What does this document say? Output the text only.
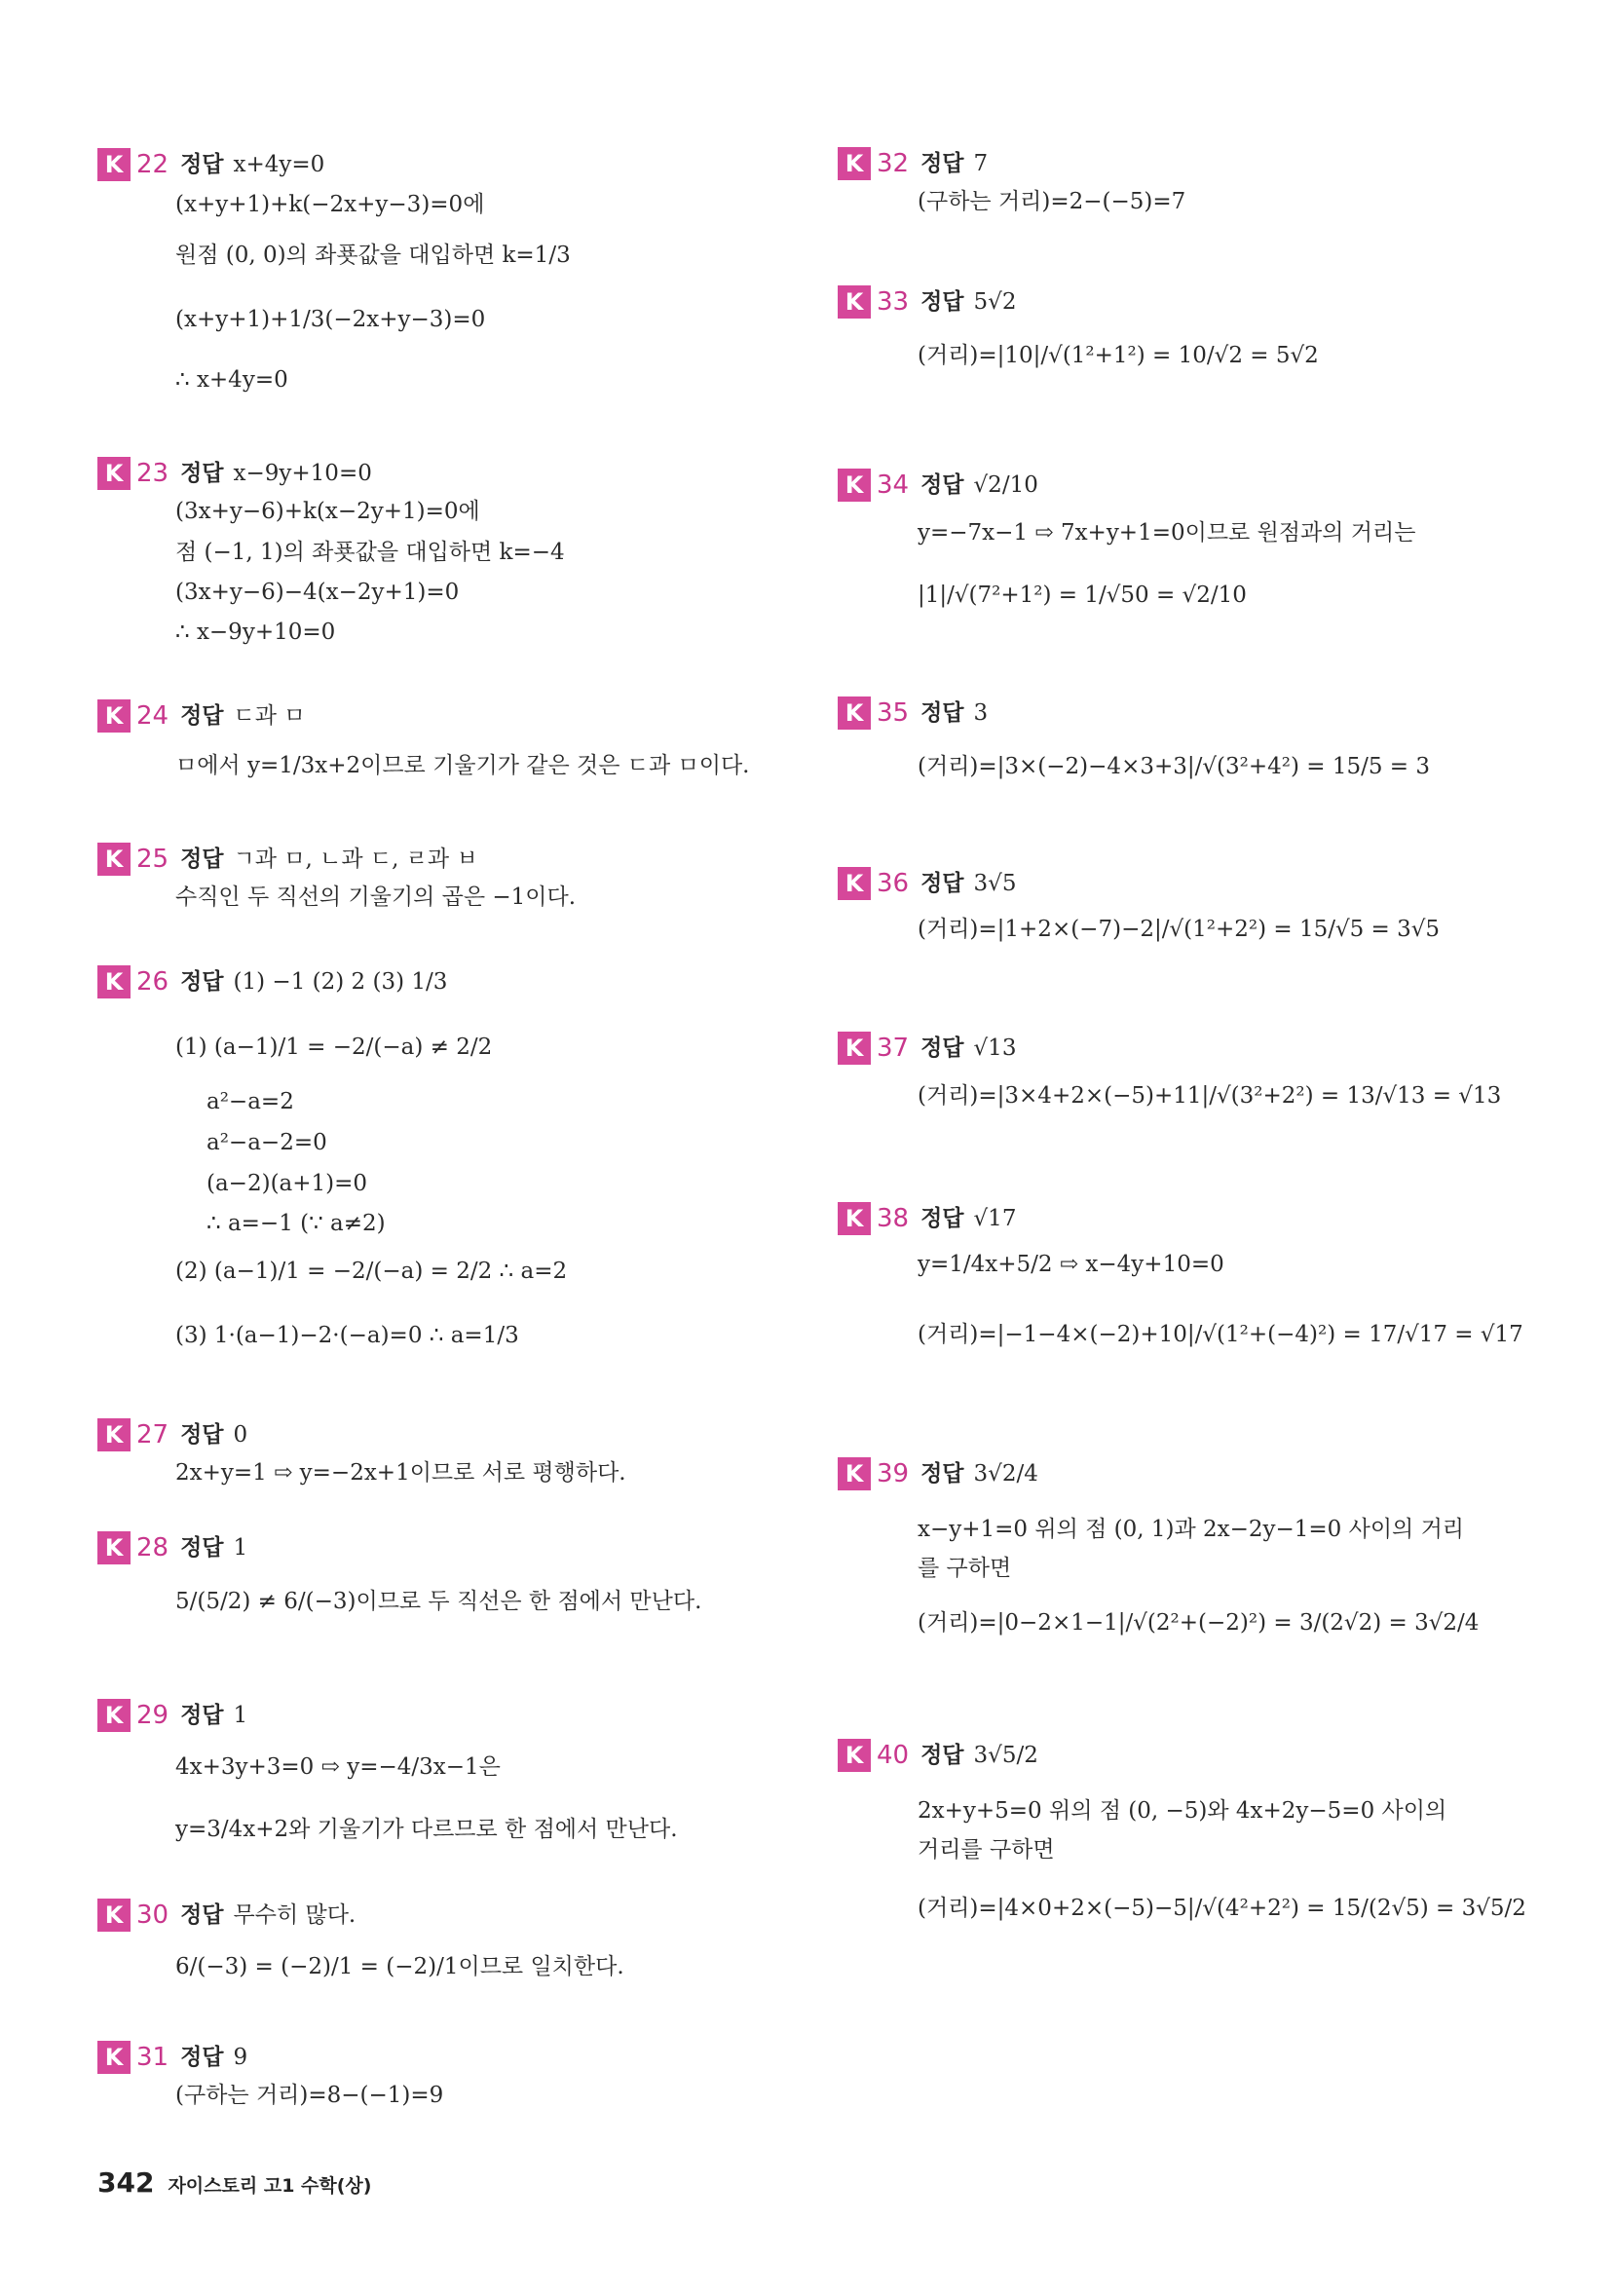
K 22 정답 x+4y=0
(x+y+1)+k(−2x+y−3)=0에
원점 (0, 0)의 좌푯값을 대입하면 k=1/3
(x+y+1)+1/3(−2x+y−3)=0
∴ x+4y=0
K 23 정답 x−9y+10=0
(3x+y−6)+k(x−2y+1)=0에
점 (−1, 1)의 좌푯값을 대입하면 k=−4
(3x+y−6)−4(x−2y+1)=0
∴ x−9y+10=0
K 24 정답 ㄷ과 ㅁ
ㅁ에서 y=1/3x+2이므로 기울기가 같은 것은 ㄷ과 ㅁ이다.
K 25 정답 ㄱ과 ㅁ, ㄴ과 ㄷ, ㄹ과 ㅂ
수직인 두 직선의 기울기의 곱은 −1이다.
K 26 정답 (1) −1 (2) 2 (3) 1/3
(1) (a−1)/1 = −2/(−a) ≠ 2/2
a²−a=2
a²−a−2=0
(a−2)(a+1)=0
∴ a=−1 (∵ a≠2)
(2) (a−1)/1 = −2/(−a) = 2/2 ∴ a=2
(3) 1·(a−1)−2·(−a)=0 ∴ a=1/3
K 27 정답 0
2x+y=1 ⇨ y=−2x+1이므로 서로 평행하다.
K 28 정답 1
5/(5/2) ≠ 6/(−3)이므로 두 직선은 한 점에서 만난다.
K 29 정답 1
4x+3y+3=0 ⇨ y=−4/3x−1은
y=3/4x+2와 기울기가 다르므로 한 점에서 만난다.
K 30 정답 무수히 많다.
6/(−3) = (−2)/1 = (−2)/1이므로 일치한다.
K 31 정답 9
(구하는 거리)=8−(−1)=9
K 32 정답 7
(구하는 거리)=2−(−5)=7
K 33 정답 5√2
(거리)=|10|/√(1²+1²) = 10/√2 = 5√2
K 34 정답 √2/10
y=−7x−1 ⇨ 7x+y+1=0이므로 원점과의 거리는
|1|/√(7²+1²) = 1/√50 = √2/10
K 35 정답 3
(거리)=|3×(−2)−4×3+3|/√(3²+4²) = 15/5 = 3
K 36 정답 3√5
(거리)=|1+2×(−7)−2|/√(1²+2²) = 15/√5 = 3√5
K 37 정답 √13
(거리)=|3×4+2×(−5)+11|/√(3²+2²) = 13/√13 = √13
K 38 정답 √17
y=1/4x+5/2 ⇨ x−4y+10=0
(거리)=|−1−4×(−2)+10|/√(1²+(−4)²) = 17/√17 = √17
K 39 정답 3√2/4
x−y+1=0 위의 점 (0, 1)과 2x−2y−1=0 사이의 거리
를 구하면
(거리)=|0−2×1−1|/√(2²+(−2)²) = 3/(2√2) = 3√2/4
K 40 정답 3√5/2
2x+y+5=0 위의 점 (0, −5)와 4x+2y−5=0 사이의
거리를 구하면
(거리)=|4×0+2×(−5)−5|/√(4²+2²) = 15/(2√5) = 3√5/2
342 자이스토리 고1 수학(상)
